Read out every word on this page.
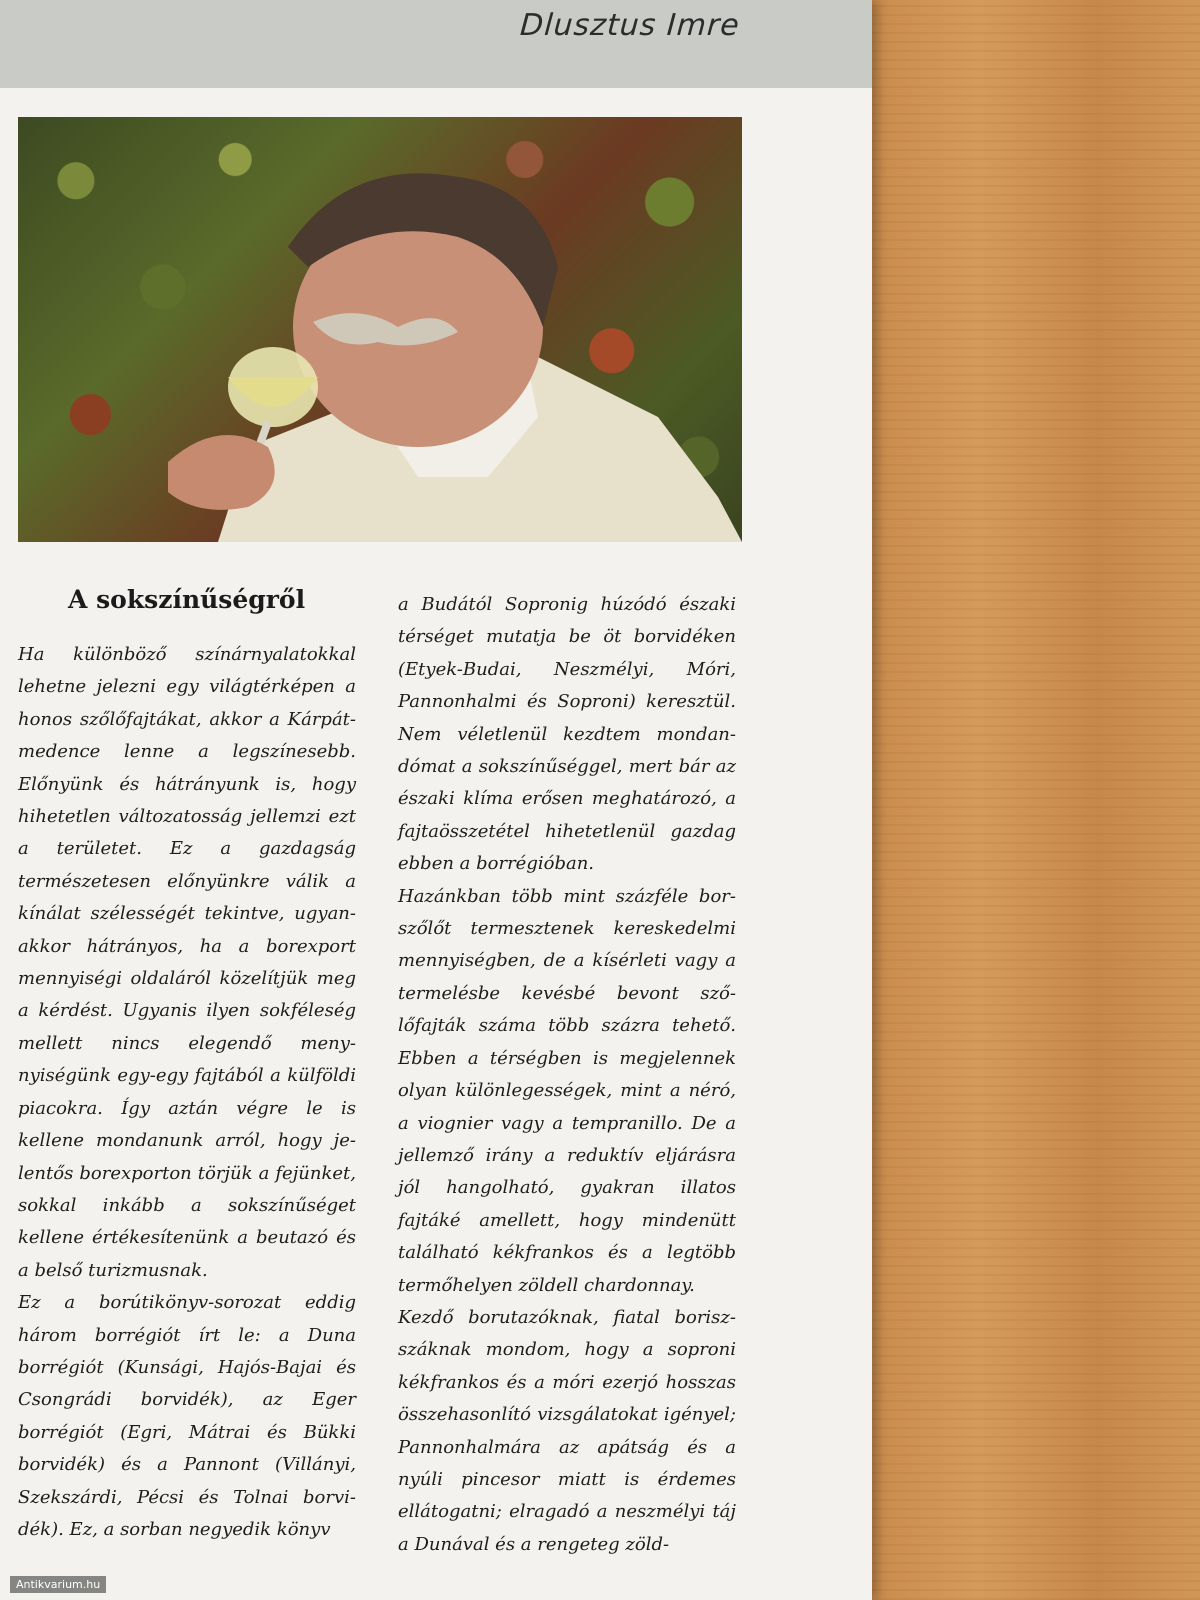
Dlusztus Imre
A sokszínűségről

Ha különböző színárnyalatokkal lehetne jelezni egy világtérképen a honos szőlőfajtákat, akkor a Kárpát-medence lenne a legszínesebb. Előnyünk és hátrányunk is, hogy hihetetlen változatosság jellemzi ezt a területet. Ez a gazdagság természetesen előnyünkre válik a kínálat szélességét tekintve, ugyanakkor hátrányos, ha a borexport mennyiségi oldaláról közelítjük meg a kérdést. Ugyanis ilyen sokféleség mellett nincs elegendő menynyiségünk egy-egy fajtából a külföldi piacokra. Így aztán végre le is kellene mondanunk arról, hogy jelentős borexporton törjük a fejünket, sokkal inkább a sokszínűséget kellene értékesítenünk a beutazó és a belső turizmusnak.

Ez a borútikönyv-sorozat eddig három borrégiót írt le: a Duna borrégiót (Kunsági, Hajós-Bajai és Csongrádi borvidék), az Eger borrégiót (Egri, Mátrai és Bükki borvidék) és a Pannont (Villányi, Szekszárdi, Pécsi és Tolnai borvidék). Ez, a sorban negyedik könyv

a Budától Sopronig húzódó északi térséget mutatja be öt borvidéken (Etyek-Budai, Neszmélyi, Móri, Pannonhalmi és Soproni) keresztül. Nem véletlenül kezdtem mondandómat a sokszínűséggel, mert bár az északi klíma erősen meghatározó, a fajtaösszetétel hihetetlenül gazdag ebben a borrégióban.

Hazánkban több mint százféle borszőlőt termesztenek kereskedelmi mennyiségben, de a kísérleti vagy a termelésbe kevésbé bevont szőlőfajták száma több százra tehető. Ebben a térségben is megjelennek olyan különlegességek, mint a néró, a viognier vagy a tempranillo. De a jellemző irány a reduktív eljárásra jól hangolható, gyakran illatos fajtáké amellett, hogy mindenütt található kékfrankos és a legtöbb termőhelyen zöldell chardonnay.

Kezdő borutazóknak, fiatal boriszszáknak mondom, hogy a soproni kékfrankos és a móri ezerjó hosszas összehasonlító vizsgálatokat igényel; Pannonhalmára az apátság és a nyúli pincesor miatt is érdemes ellátogatni; elragadó a neszmélyi táj a Dunával és a rengeteg zöld-

Antikvarium.hu
